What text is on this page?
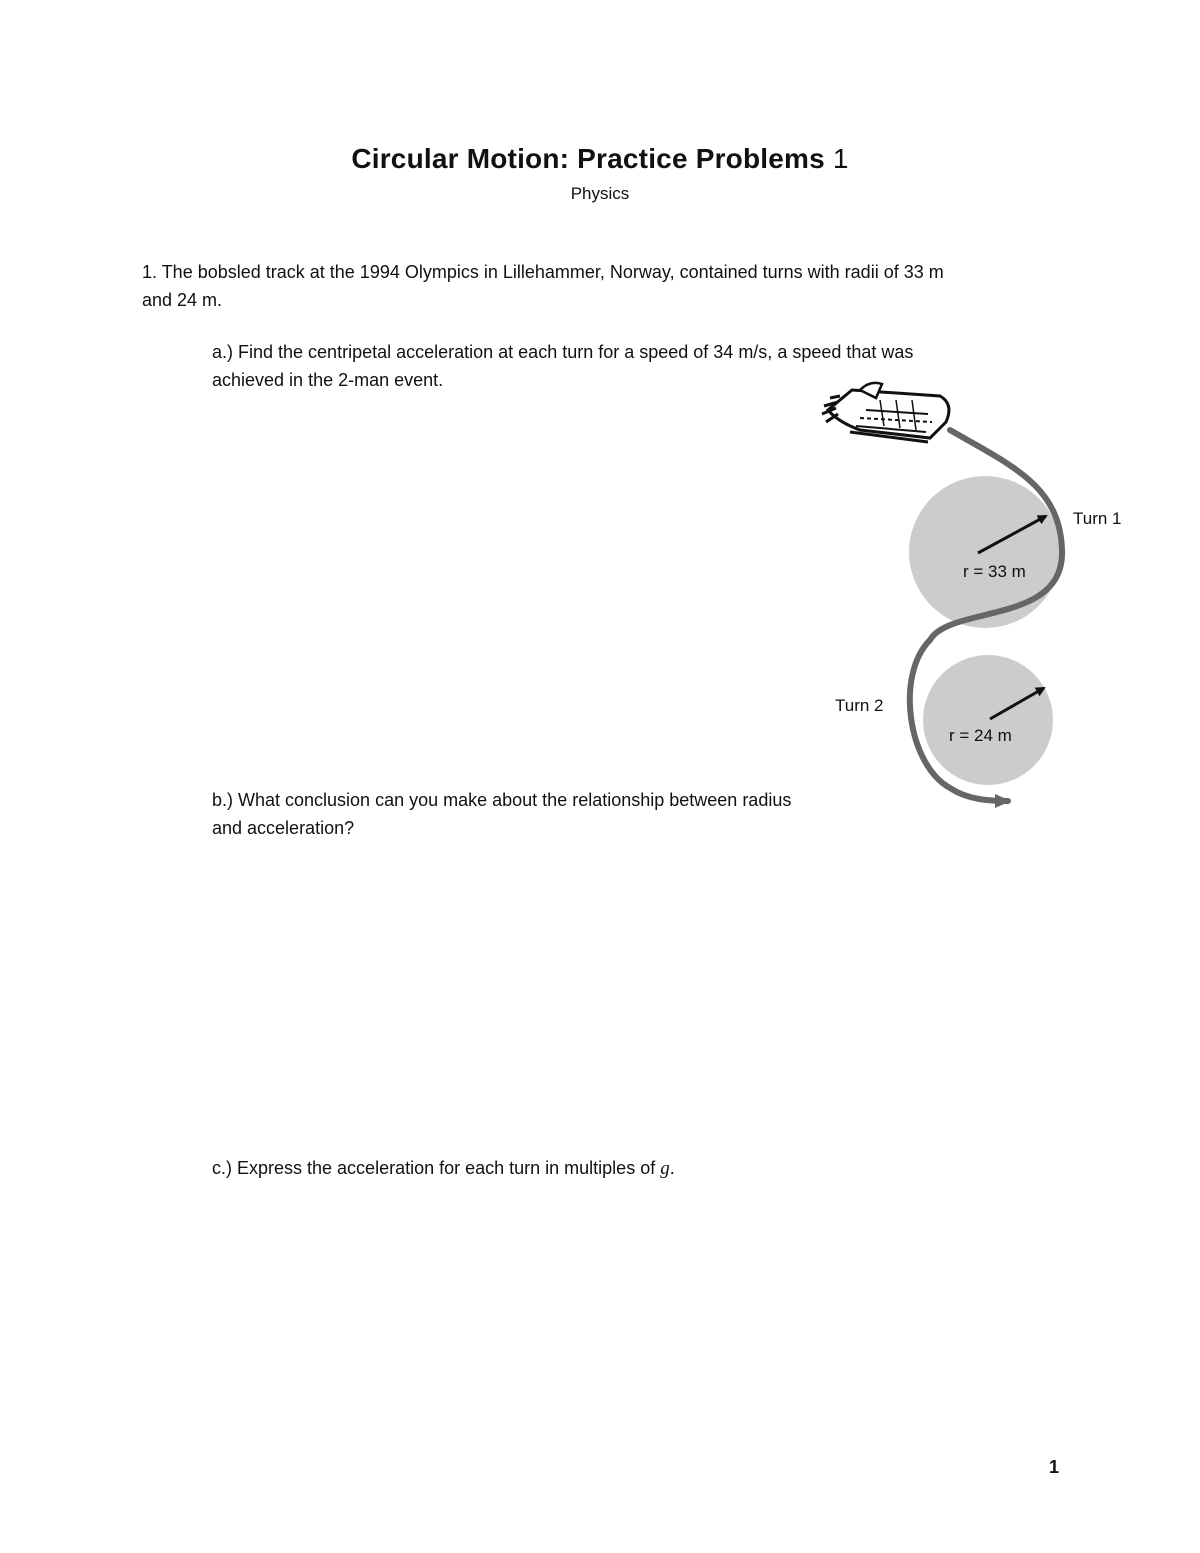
Circular Motion: Practice Problems 1
Physics
1. The bobsled track at the 1994 Olympics in Lillehammer, Norway, contained turns with radii of 33 m
and 24 m.
a.) Find the centripetal acceleration at each turn for a speed of 34 m/s, a speed that was
achieved in the 2-man event.
b.) What conclusion can you make about the relationship between radius
and acceleration?
c.) Express the acceleration for each turn in multiples of g.
Turn 1
r = 33 m
Turn 2
r = 24 m
1
